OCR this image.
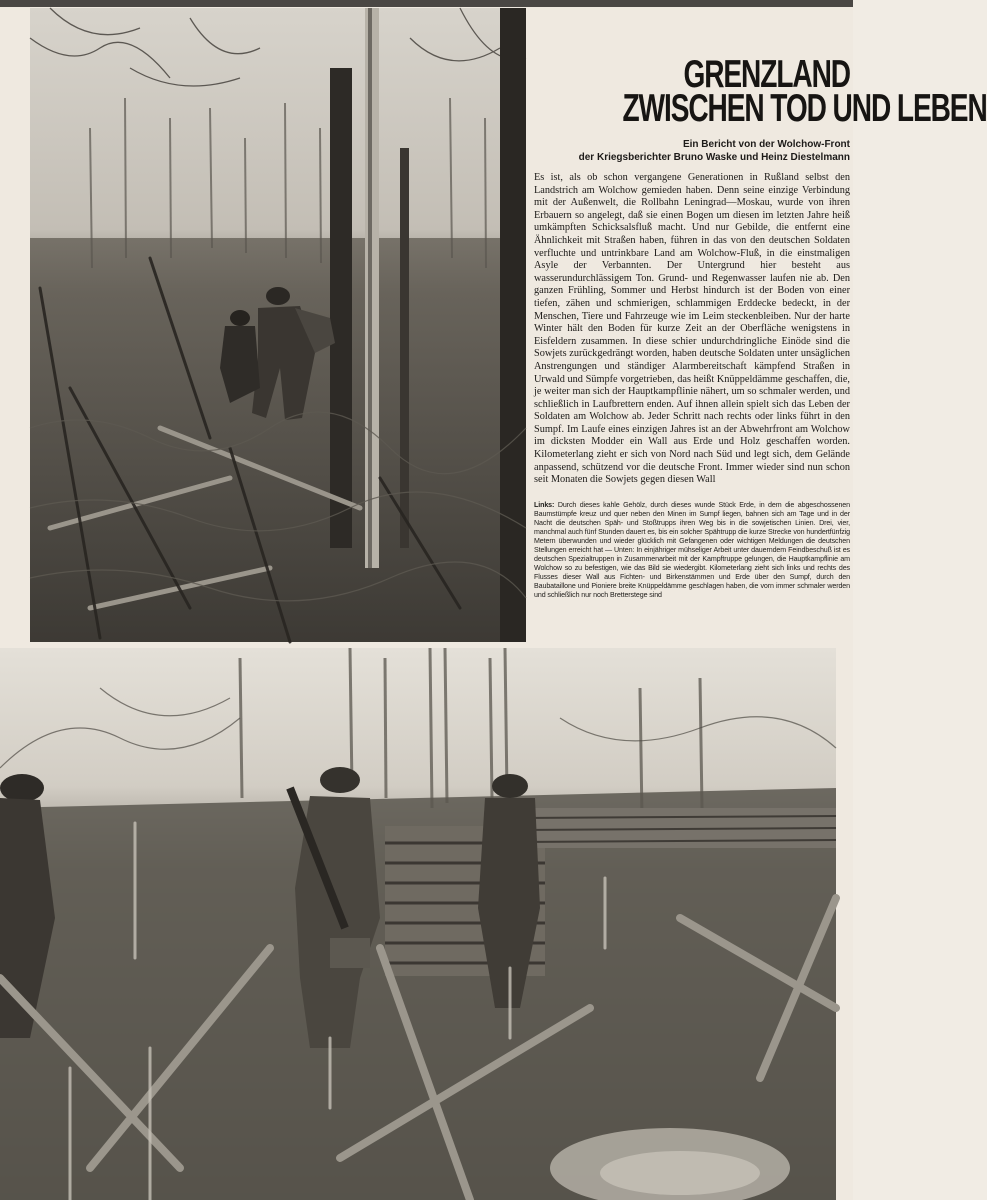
GRENZLAND
ZWISCHEN TOD UND LEBEN
Ein Bericht von der Wolchow-Front
der Kriegsberichter Bruno Waske und Heinz Diestelmann
Es ist, als ob schon vergangene Generationen in Rußland selbst den Landstrich am Wolchow gemieden haben. Denn seine einzige Verbindung mit der Außenwelt, die Rollbahn Leningrad—Moskau, wurde von ihren Erbauern so angelegt, daß sie einen Bogen um diesen im letzten Jahre heiß umkämpften Schicksalsfluß macht. Und nur Gebilde, die entfernt eine Ähnlichkeit mit Straßen haben, führen in das von den deutschen Soldaten verfluchte und untrinkbare Land am Wolchow-Fluß, in die einstmaligen Asyle der Verbannten. Der Untergrund hier besteht aus wasserundurchlässigem Ton. Grund- und Regenwasser laufen nie ab. Den ganzen Frühling, Sommer und Herbst hindurch ist der Boden von einer tiefen, zähen und schmierigen, schlammigen Erddecke bedeckt, in der Menschen, Tiere und Fahrzeuge wie im Leim steckenbleiben. Nur der harte Winter hält den Boden für kurze Zeit an der Oberfläche wenigstens in Eisfeldern zusammen. In diese schier undurchdringliche Einöde sind die Sowjets zurückgedrängt worden, haben deutsche Soldaten unter unsäglichen Anstrengungen und ständiger Alarmbereitschaft kämpfend Straßen in Urwald und Sümpfe vorgetrieben, das heißt Knüppeldämme geschaffen, die, je weiter man sich der Hauptkampflinie nähert, um so schmaler werden, und schließlich in Laufbrettern enden. Auf ihnen allein spielt sich das Leben der Soldaten am Wolchow ab. Jeder Schritt nach rechts oder links führt in den Sumpf. Im Laufe eines einzigen Jahres ist an der Abwehrfront am Wolchow im dicksten Modder ein Wall aus Erde und Holz geschaffen worden. Kilometerlang zieht er sich von Nord nach Süd und legt sich, dem Gelände anpassend, schützend vor die deutsche Front. Immer wieder sind nun schon seit Monaten die Sowjets gegen diesen Wall
Links: Durch dieses kahle Gehölz, durch dieses wunde Stück Erde, in dem die abgeschossenen Baumstümpfe kreuz und quer neben den Minen im Sumpf liegen, bahnen sich am Tage und in der Nacht die deutschen Späh- und Stoßtrupps ihren Weg bis in die sowjetischen Linien. Drei, vier, manchmal auch fünf Stunden dauert es, bis ein solcher Spähtrupp die kurze Strecke von hundertfünfzig Metern überwunden und wieder glücklich mit Gefangenen oder wichtigen Meldungen die deutschen Stellungen erreicht hat — Unten: In einjähriger mühseliger Arbeit unter dauerndem Feindbeschuß ist es deutschen Spezialtruppen in Zusammenarbeit mit der Kampftruppe gelungen, die Hauptkampflinie am Wolchow so zu befestigen, wie das Bild sie wiedergibt. Kilometerlang zieht sich links und rechts des Flusses dieser Wall aus Fichten- und Birkenstämmen und Erde über den Sumpf, durch den Baubataillone und Pioniere breite Knüppeldämme geschlagen haben, die vorn immer schmaler werden und schließlich nur noch Bretterstege sind
